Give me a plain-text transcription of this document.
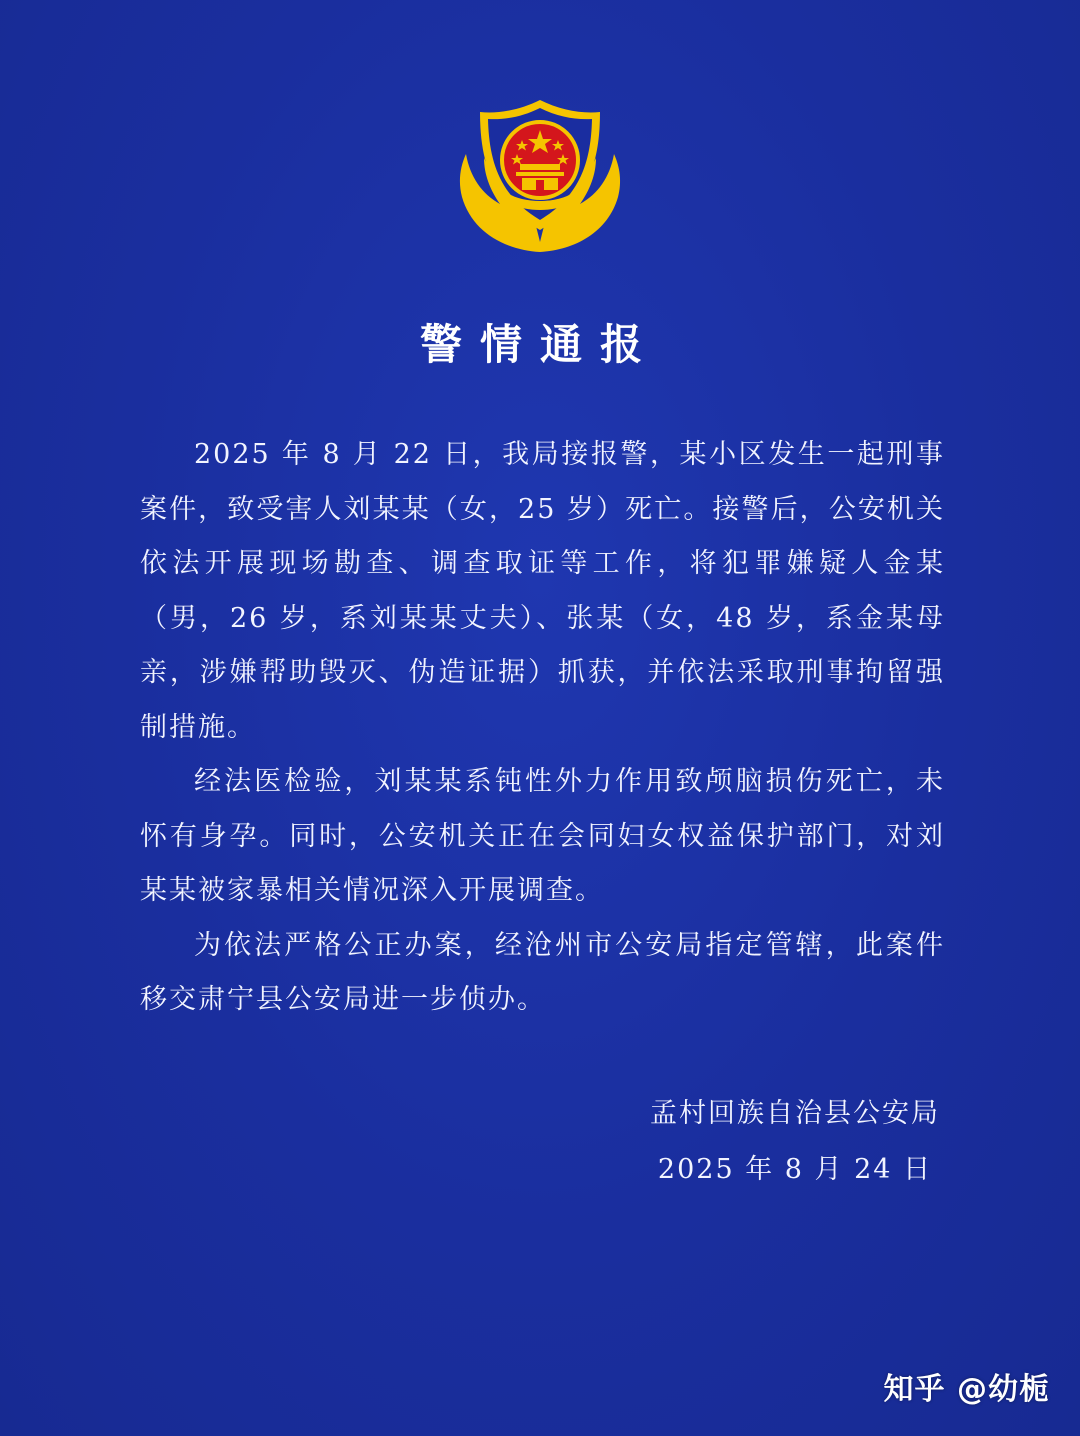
警情通报

2025 年 8 月 22 日，我局接报警，某小区发生一起刑事案件，致受害人刘某某（女，25 岁）死亡。接警后，公安机关依法开展现场勘查、调查取证等工作，将犯罪嫌疑人金某（男，26 岁，系刘某某丈夫）、张某（女，48 岁，系金某母亲，涉嫌帮助毁灭、伪造证据）抓获，并依法采取刑事拘留强制措施。

经法医检验，刘某某系钝性外力作用致颅脑损伤死亡，未怀有身孕。同时，公安机关正在会同妇女权益保护部门，对刘某某被家暴相关情况深入开展调查。

为依法严格公正办案，经沧州市公安局指定管辖，此案件移交肃宁县公安局进一步侦办。

孟村回族自治县公安局
2025 年 8 月 24 日
知乎 @幼栀
